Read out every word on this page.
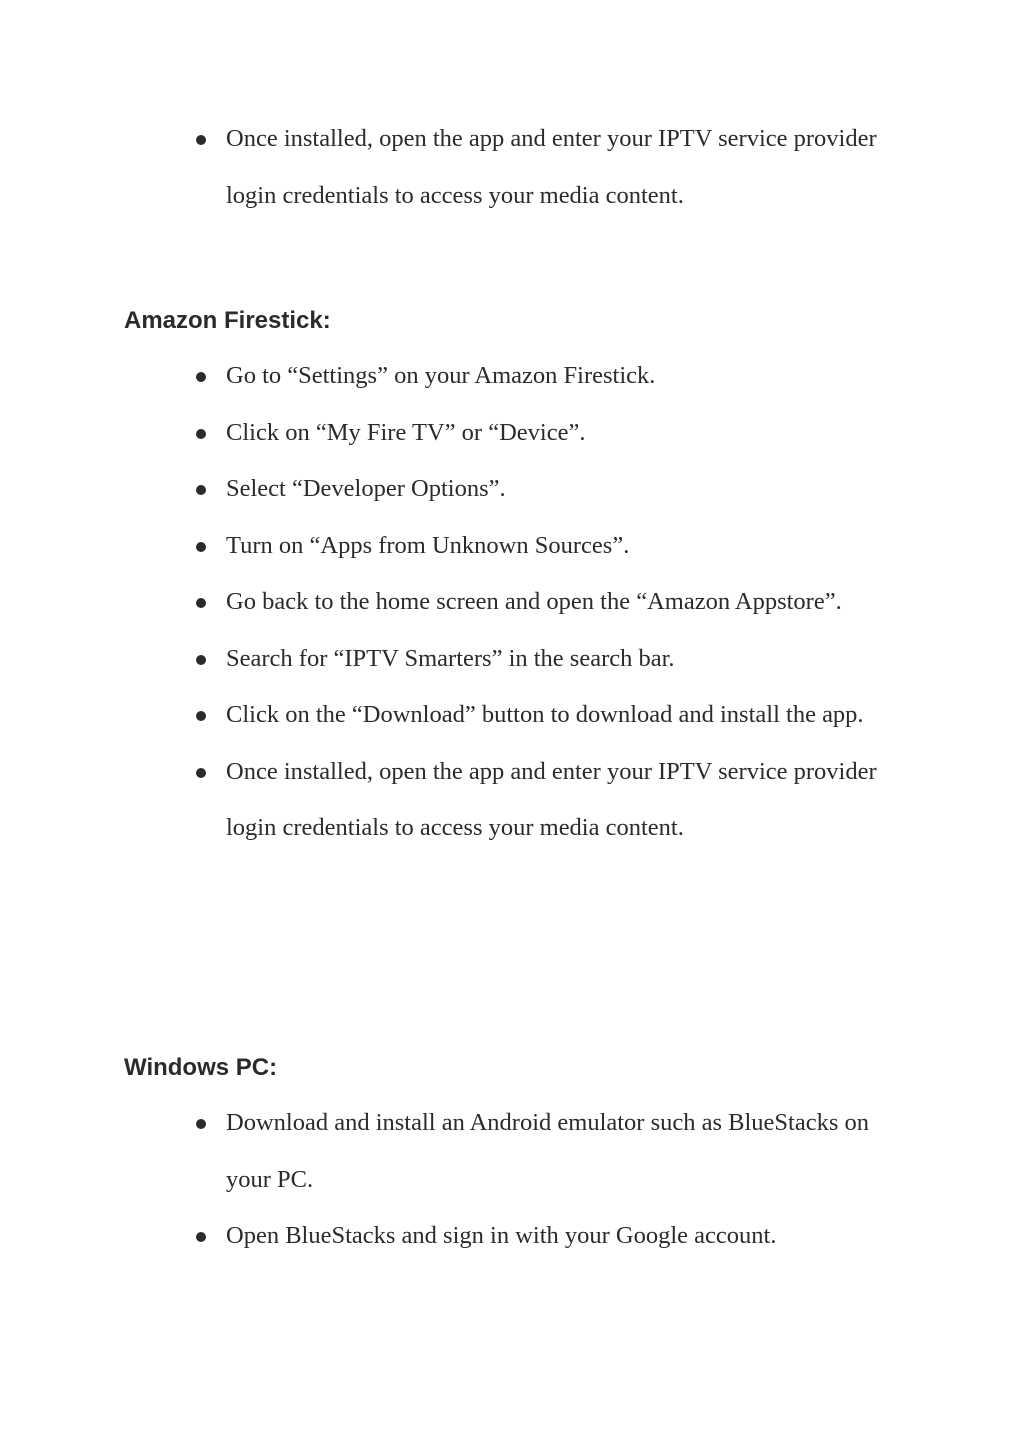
Once installed, open the app and enter your IPTV service provider login credentials to access your media content.
Amazon Firestick:
Go to “Settings” on your Amazon Firestick.
Click on “My Fire TV” or “Device”.
Select “Developer Options”.
Turn on “Apps from Unknown Sources”.
Go back to the home screen and open the “Amazon Appstore”.
Search for “IPTV Smarters” in the search bar.
Click on the “Download” button to download and install the app.
Once installed, open the app and enter your IPTV service provider login credentials to access your media content.
Windows PC:
Download and install an Android emulator such as BlueStacks on your PC.
Open BlueStacks and sign in with your Google account.
